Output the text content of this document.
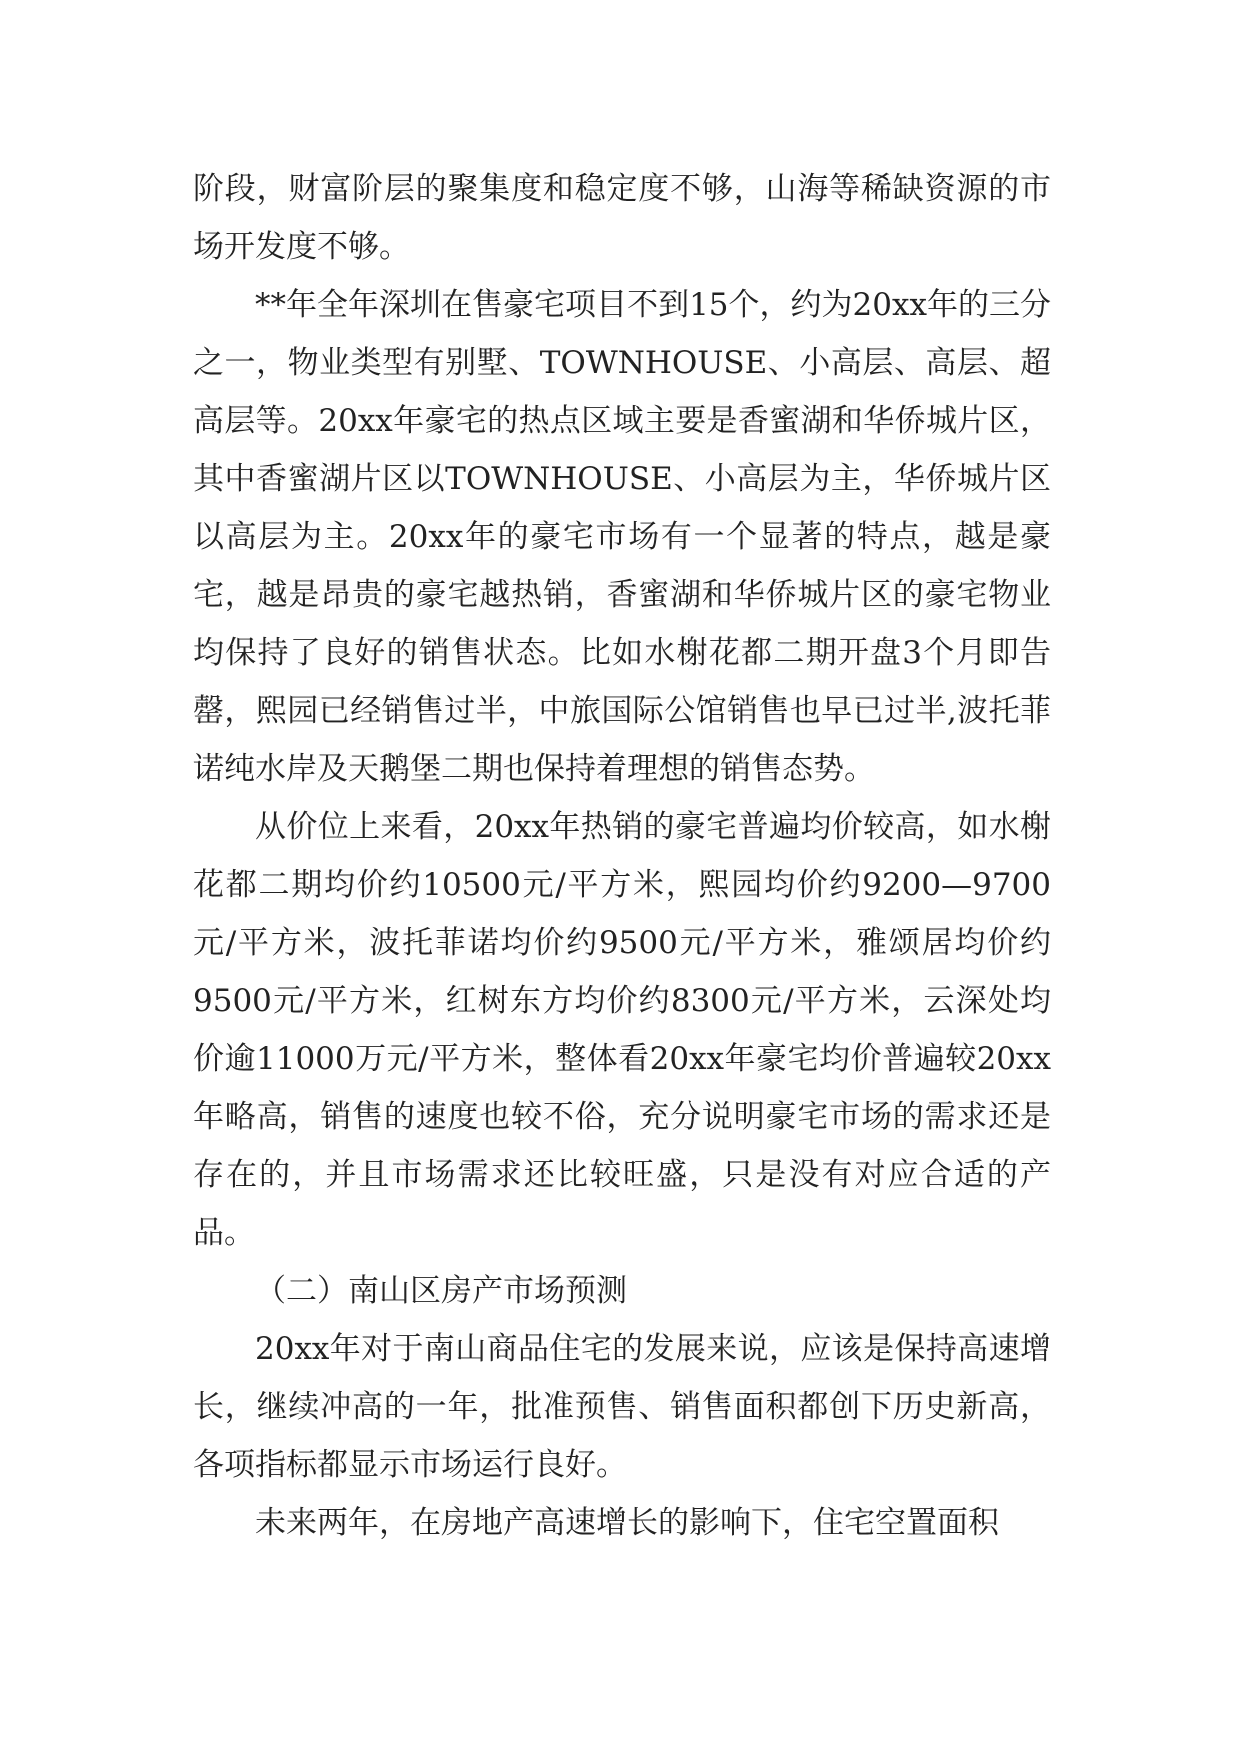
阶段，财富阶层的聚集度和稳定度不够，山海等稀缺资源的市场开发度不够。

**年全年深圳在售豪宅项目不到15个，约为20xx年的三分之一，物业类型有别墅、TOWNHOUSE、小高层、高层、超高层等。20xx年豪宅的热点区域主要是香蜜湖和华侨城片区，其中香蜜湖片区以TOWNHOUSE、小高层为主，华侨城片区以高层为主。20xx年的豪宅市场有一个显著的特点，越是豪宅，越是昂贵的豪宅越热销，香蜜湖和华侨城片区的豪宅物业均保持了良好的销售状态。比如水榭花都二期开盘3个月即告罄，熙园已经销售过半，中旅国际公馆销售也早已过半,波托菲诺纯水岸及天鹅堡二期也保持着理想的销售态势。

从价位上来看，20xx年热销的豪宅普遍均价较高，如水榭花都二期均价约10500元/平方米，熙园均价约9200—9700元/平方米，波托菲诺均价约9500元/平方米，雅颂居均价约9500元/平方米，红树东方均价约8300元/平方米，云深处均价逾11000万元/平方米，整体看20xx年豪宅均价普遍较20xx年略高，销售的速度也较不俗，充分说明豪宅市场的需求还是存在的，并且市场需求还比较旺盛，只是没有对应合适的产品。

（二）南山区房产市场预测

20xx年对于南山商品住宅的发展来说，应该是保持高速增长，继续冲高的一年，批准预售、销售面积都创下历史新高，各项指标都显示市场运行良好。

未来两年，在房地产高速增长的影响下，住宅空置面积
